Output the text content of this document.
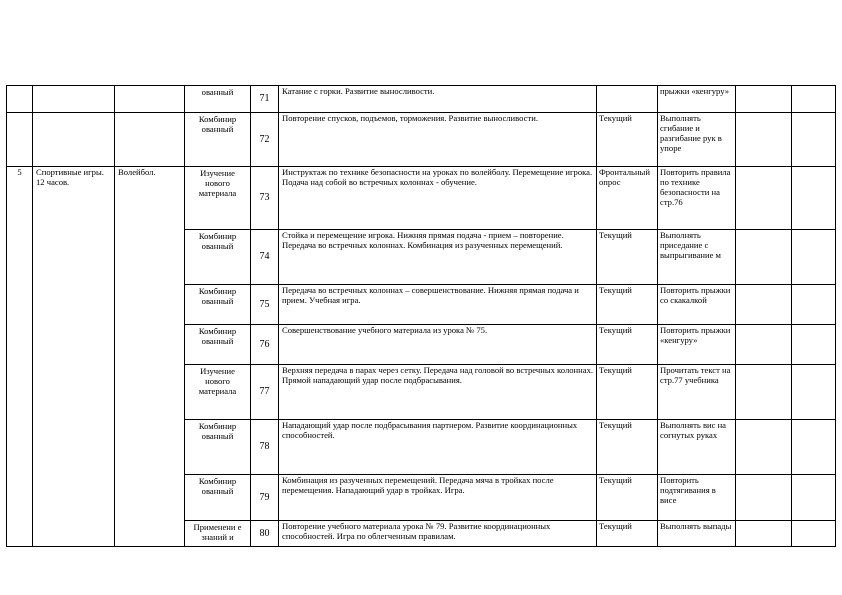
			ованный	71	Катание с горки. Развитие выносливости.		прыжки «кенгуру»		
			Комбинир ованный	72	Повторение спусков, подъемов, торможения. Развитие выносливости.	Текущий	Выполнять сгибание и разгибание рук в упоре		
5	Спортивные игры. 12 часов.	Волейбол.	Изучение нового материала	73	Инструктаж по технике безопасности на уроках по волейболу. Перемещение игрока. Подача над собой во встречных колоннах - обучение.	Фронтальный опрос	Повторить правила по технике безопасности на стр.76		
			Комбинир ованный	74	Стойка и перемещение игрока. Нижняя прямая подача - прием – повторение. Передача во встречных колоннах. Комбинация из разученных перемещений.	Текущий	Выполнять приседание с выпрыгивание м		
			Комбинир ованный	75	Передача во встречных колоннах – совершенствование. Нижняя прямая подача и прием. Учебная игра.	Текущий	Повторить прыжки со скакалкой		
			Комбинир ованный	76	Совершенствование учебного материала из урока № 75.	Текущий	Повторить прыжки «кенгуру»		
			Изучение нового материала	77	Верхняя передача в парах через сетку. Передача над головой во встречных колоннах. Прямой нападающий удар после подбрасывания.	Текущий	Прочитать текст на стр.77 учебника		
			Комбинир ованный	78	Нападающий удар после подбрасывания партнером. Развитие координационных способностей.	Текущий	Выполнять вис на согнутых руках		
			Комбинир ованный	79	Комбинация из разученных перемещений. Передача мяча в тройках после перемещения. Нападающий удар в тройках. Игра.	Текущий	Повторить подтягивания в висе		
			Применени е знаний и	80	Повторение учебного материала урока № 79. Развитие координационных способностей. Игра по облегченным правилам.	Текущий	Выполнять выпады		
